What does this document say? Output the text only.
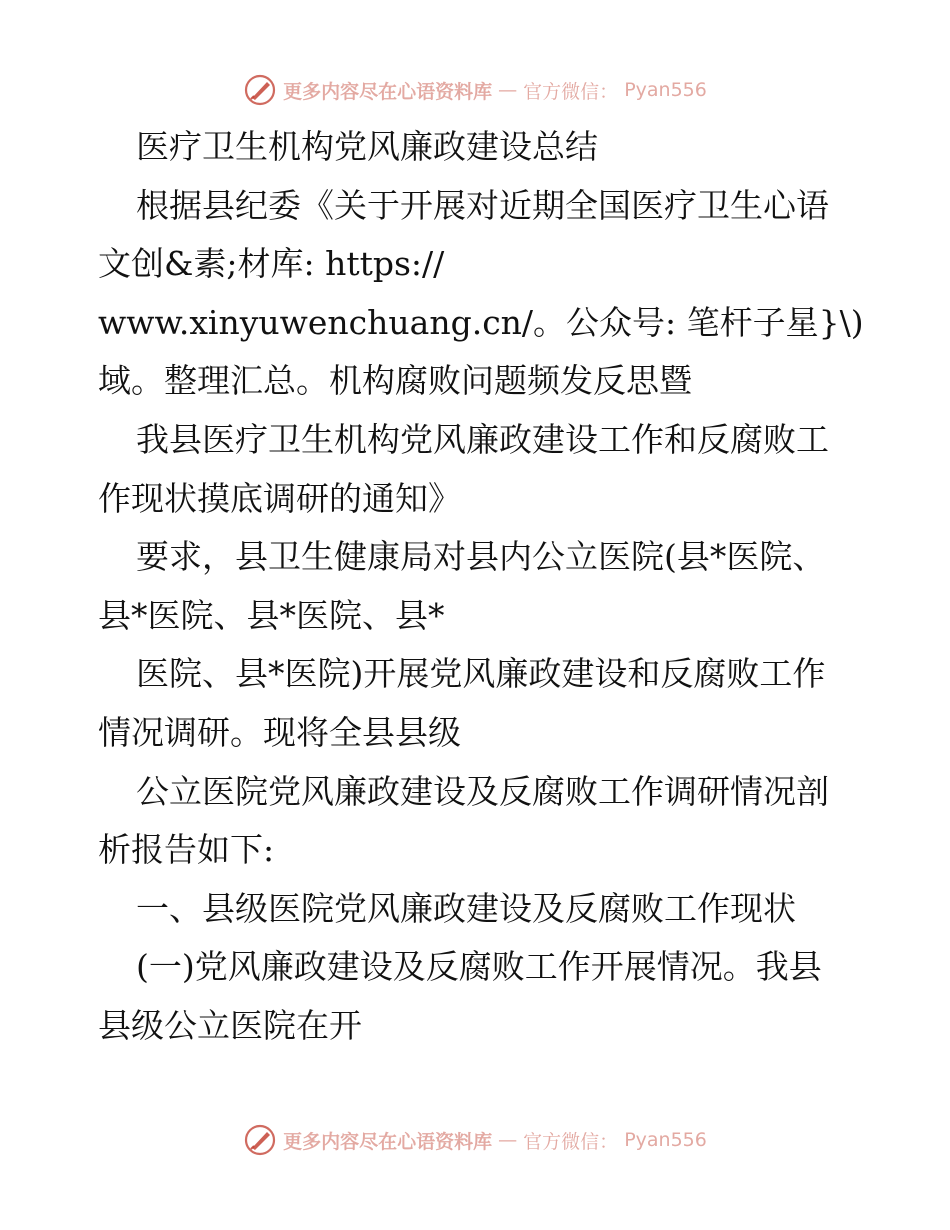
更多内容尽在心语资料库 — 官方微信： Pyan556
医疗卫生机构党风廉政建设总结
根据县纪委《关于开展对近期全国医疗卫生心语
文创&素;材库: https://
www.xinyuwenchuang.cn/。公众号: 笔杆子星}\)
域。整理汇总。机构腐败问题频发反思暨
我县医疗卫生机构党风廉政建设工作和反腐败工
作现状摸底调研的通知》
要求，县卫生健康局对县内公立医院(县*医院、
县*医院、县*医院、县*
医院、县*医院)开展党风廉政建设和反腐败工作
情况调研。现将全县县级
公立医院党风廉政建设及反腐败工作调研情况剖
析报告如下:
一、县级医院党风廉政建设及反腐败工作现状
(一)党风廉政建设及反腐败工作开展情况。我县
县级公立医院在开
更多内容尽在心语资料库 — 官方微信： Pyan556
